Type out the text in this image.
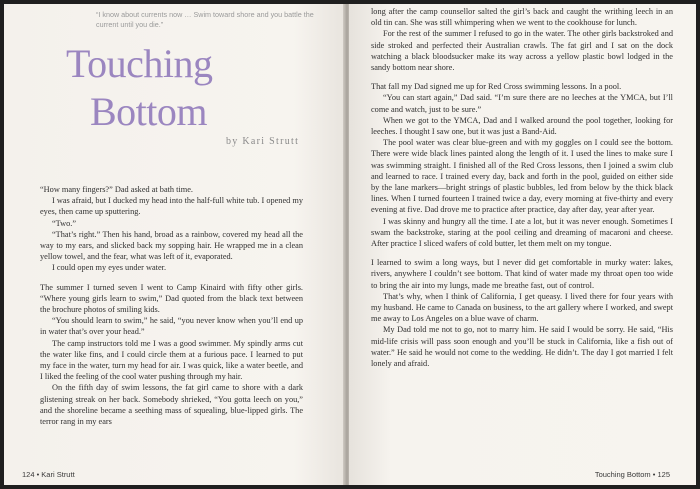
“I know about currents now … Swim toward shore and you battle the current until you die.”
Touching
Bottom
by Kari Strutt

“How many fingers?” Dad asked at bath time.

I was afraid, but I ducked my head into the half-full white tub. I opened my eyes, then came up sputtering.

“Two.”

“That’s right.” Then his hand, broad as a rainbow, covered my head all the way to my ears, and slicked back my sopping hair. He wrapped me in a clean yellow towel, and the fear, what was left of it, evaporated.

I could open my eyes under water.

The summer I turned seven I went to Camp Kinaird with fifty other girls. “Where young girls learn to swim,” Dad quoted from the black text between the brochure photos of smiling kids.

“You should learn to swim,” he said, “you never know when you’ll end up in water that’s over your head.”

The camp instructors told me I was a good swimmer. My spindly arms cut the water like fins, and I could circle them at a furious pace. I learned to put my face in the water, turn my head for air. I was quick, like a water beetle, and I liked the feeling of the cool water pushing through my hair.

On the fifth day of swim lessons, the fat girl came to shore with a dark glistening streak on her back. Somebody shrieked, “You gotta leech on you,” and the shoreline became a seething mass of squealing, blue-lipped girls. The terror rang in my ears

124 • Kari Strutt

long after the camp counsellor salted the girl’s back and caught the writhing leech in an old tin can. She was still whimpering when we went to the cookhouse for lunch.

For the rest of the summer I refused to go in the water. The other girls backstroked and side stroked and perfected their Australian crawls. The fat girl and I sat on the dock watching a black bloodsucker make its way across a yellow plastic bowl lodged in the sandy bottom near shore.

That fall my Dad signed me up for Red Cross swimming lessons. In a pool.

“You can start again,” Dad said. “I’m sure there are no leeches at the YMCA, but I’ll come and watch, just to be sure.”

When we got to the YMCA, Dad and I walked around the pool together, looking for leeches. I thought I saw one, but it was just a Band-Aid.

The pool water was clear blue-green and with my goggles on I could see the bottom. There were wide black lines painted along the length of it. I used the lines to make sure I was swimming straight. I finished all of the Red Cross lessons, then I joined a swim club and learned to race. I trained every day, back and forth in the pool, guided on either side by the lane markers—bright strings of plastic bubbles, led from below by the thick black lines. When I turned fourteen I trained twice a day, every morning at five-thirty and every evening at five. Dad drove me to practice after practice, day after day, year after year.

I was skinny and hungry all the time. I ate a lot, but it was never enough. Sometimes I swam the backstroke, staring at the pool ceiling and dreaming of macaroni and cheese. After practice I sliced wafers of cold butter, let them melt on my tongue.

I learned to swim a long ways, but I never did get comfortable in murky water: lakes, rivers, anywhere I couldn’t see bottom. That kind of water made my throat open too wide to bring the air into my lungs, made me breathe fast, out of control.

That’s why, when I think of California, I get queasy. I lived there for four years with my husband. He came to Canada on business, to the art gallery where I worked, and swept me away to Los Angeles on a blue wave of charm.

My Dad told me not to go, not to marry him. He said I would be sorry. He said, “His mid-life crisis will pass soon enough and you’ll be stuck in California, like a fish out of water.” He said he would not come to the wedding. He didn’t. The day I got married I felt lonely and afraid.

Touching Bottom • 125
